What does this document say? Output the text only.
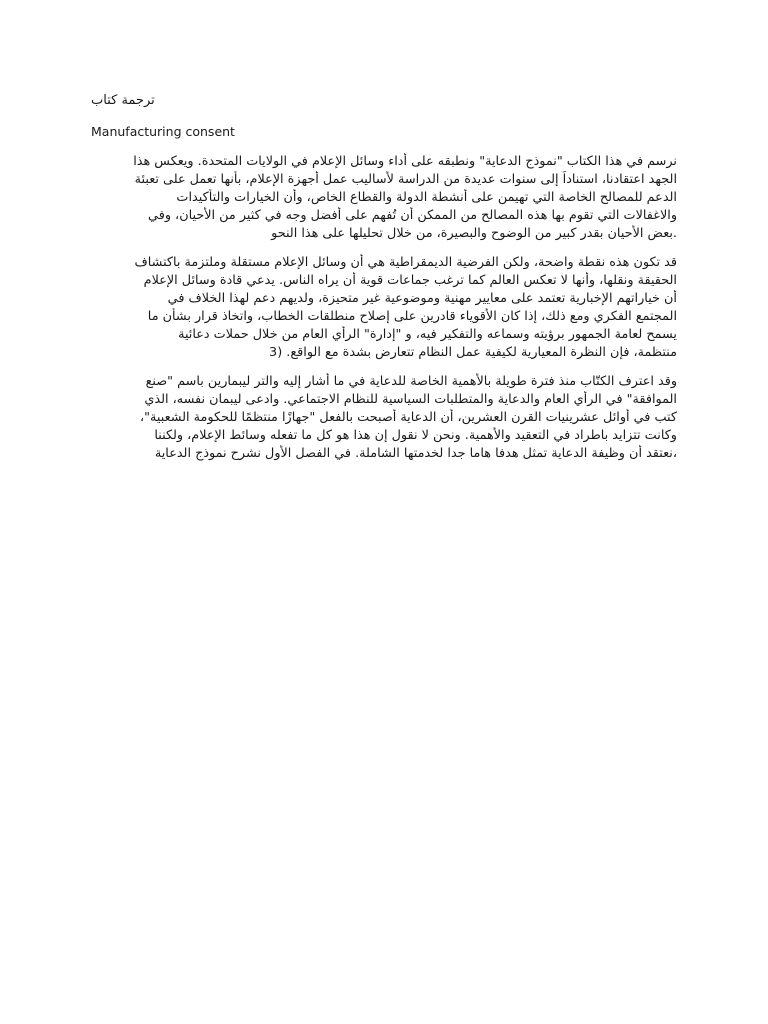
ترجمة كتاب
Manufacturing consent
نرسم في هذا الكتاب "نموذج الدعاية" ونطبقه على أداء وسائل الإعلام في الولايات المتحدة. ويعكس هذا
الجهد اعتقادنا، استناداً إلى سنوات عديدة من الدراسة لأساليب عمل أجهزة الإعلام، بأنها تعمل على تعبئة
الدعم للمصالح الخاصة التي تهيمن على أنشطة الدولة والقطاع الخاص، وأن الخيارات والتأكيدات
والاغفالات التي تقوم بها هذه المصالح من الممكن أن تُفهم على أفضل وجه في كثير من الأحيان، وفي
.بعض الأحيان بقدر كبير من الوضوح والبصيرة، من خلال تحليلها على هذا النحو
قد تكون هذه نقطة واضحة، ولكن الفرضية الديمقراطية هي أن وسائل الإعلام مستقلة وملتزمة باكتشاف
الحقيقة ونقلها، وأنها لا تعكس العالم كما ترغب جماعات قوية أن يراه الناس. يدعي قادة وسائل الإعلام
أن خياراتهم الإخبارية تعتمد على معايير مهنية وموضوعية غير متحيزة، ولديهم دعم لهذا الخلاف في
المجتمع الفكري ومع ذلك، إذا كان الأقوياء قادرين على إصلاح منطلقات الخطاب، واتخاذ قرار بشأن ما
يسمح لعامة الجمهور برؤيته وسماعه والتفكير فيه، و "إدارة" الرأي العام من خلال حملات دعائية
منتظمة، فإن النظرة المعيارية لكيفية عمل النظام تتعارض بشدة مع الواقع. (3
وقد اعترف الكتّاب منذ فترة طويلة بالأهمية الخاصة للدعاية في ما أشار إليه والتر ليبمارين باسم "صنع
الموافقة" في الرأي العام والدعاية والمتطلبات السياسية للنظام الاجتماعي. وادعى ليبمان نفسه، الذي
كتب في أوائل عشرينيات القرن العشرين، أن الدعاية أصبحت بالفعل "جهازًا منتظمًا للحكومة الشعبية"،
وكانت تتزايد باطراد في التعقيد والأهمية. ونحن لا نقول إن هذا هو كل ما تفعله وسائط الإعلام، ولكننا
،نعتقد أن وظيفة الدعاية تمثل هدفا هاما جدا لخدمتها الشاملة. في الفصل الأول نشرح نموذج الدعاية
